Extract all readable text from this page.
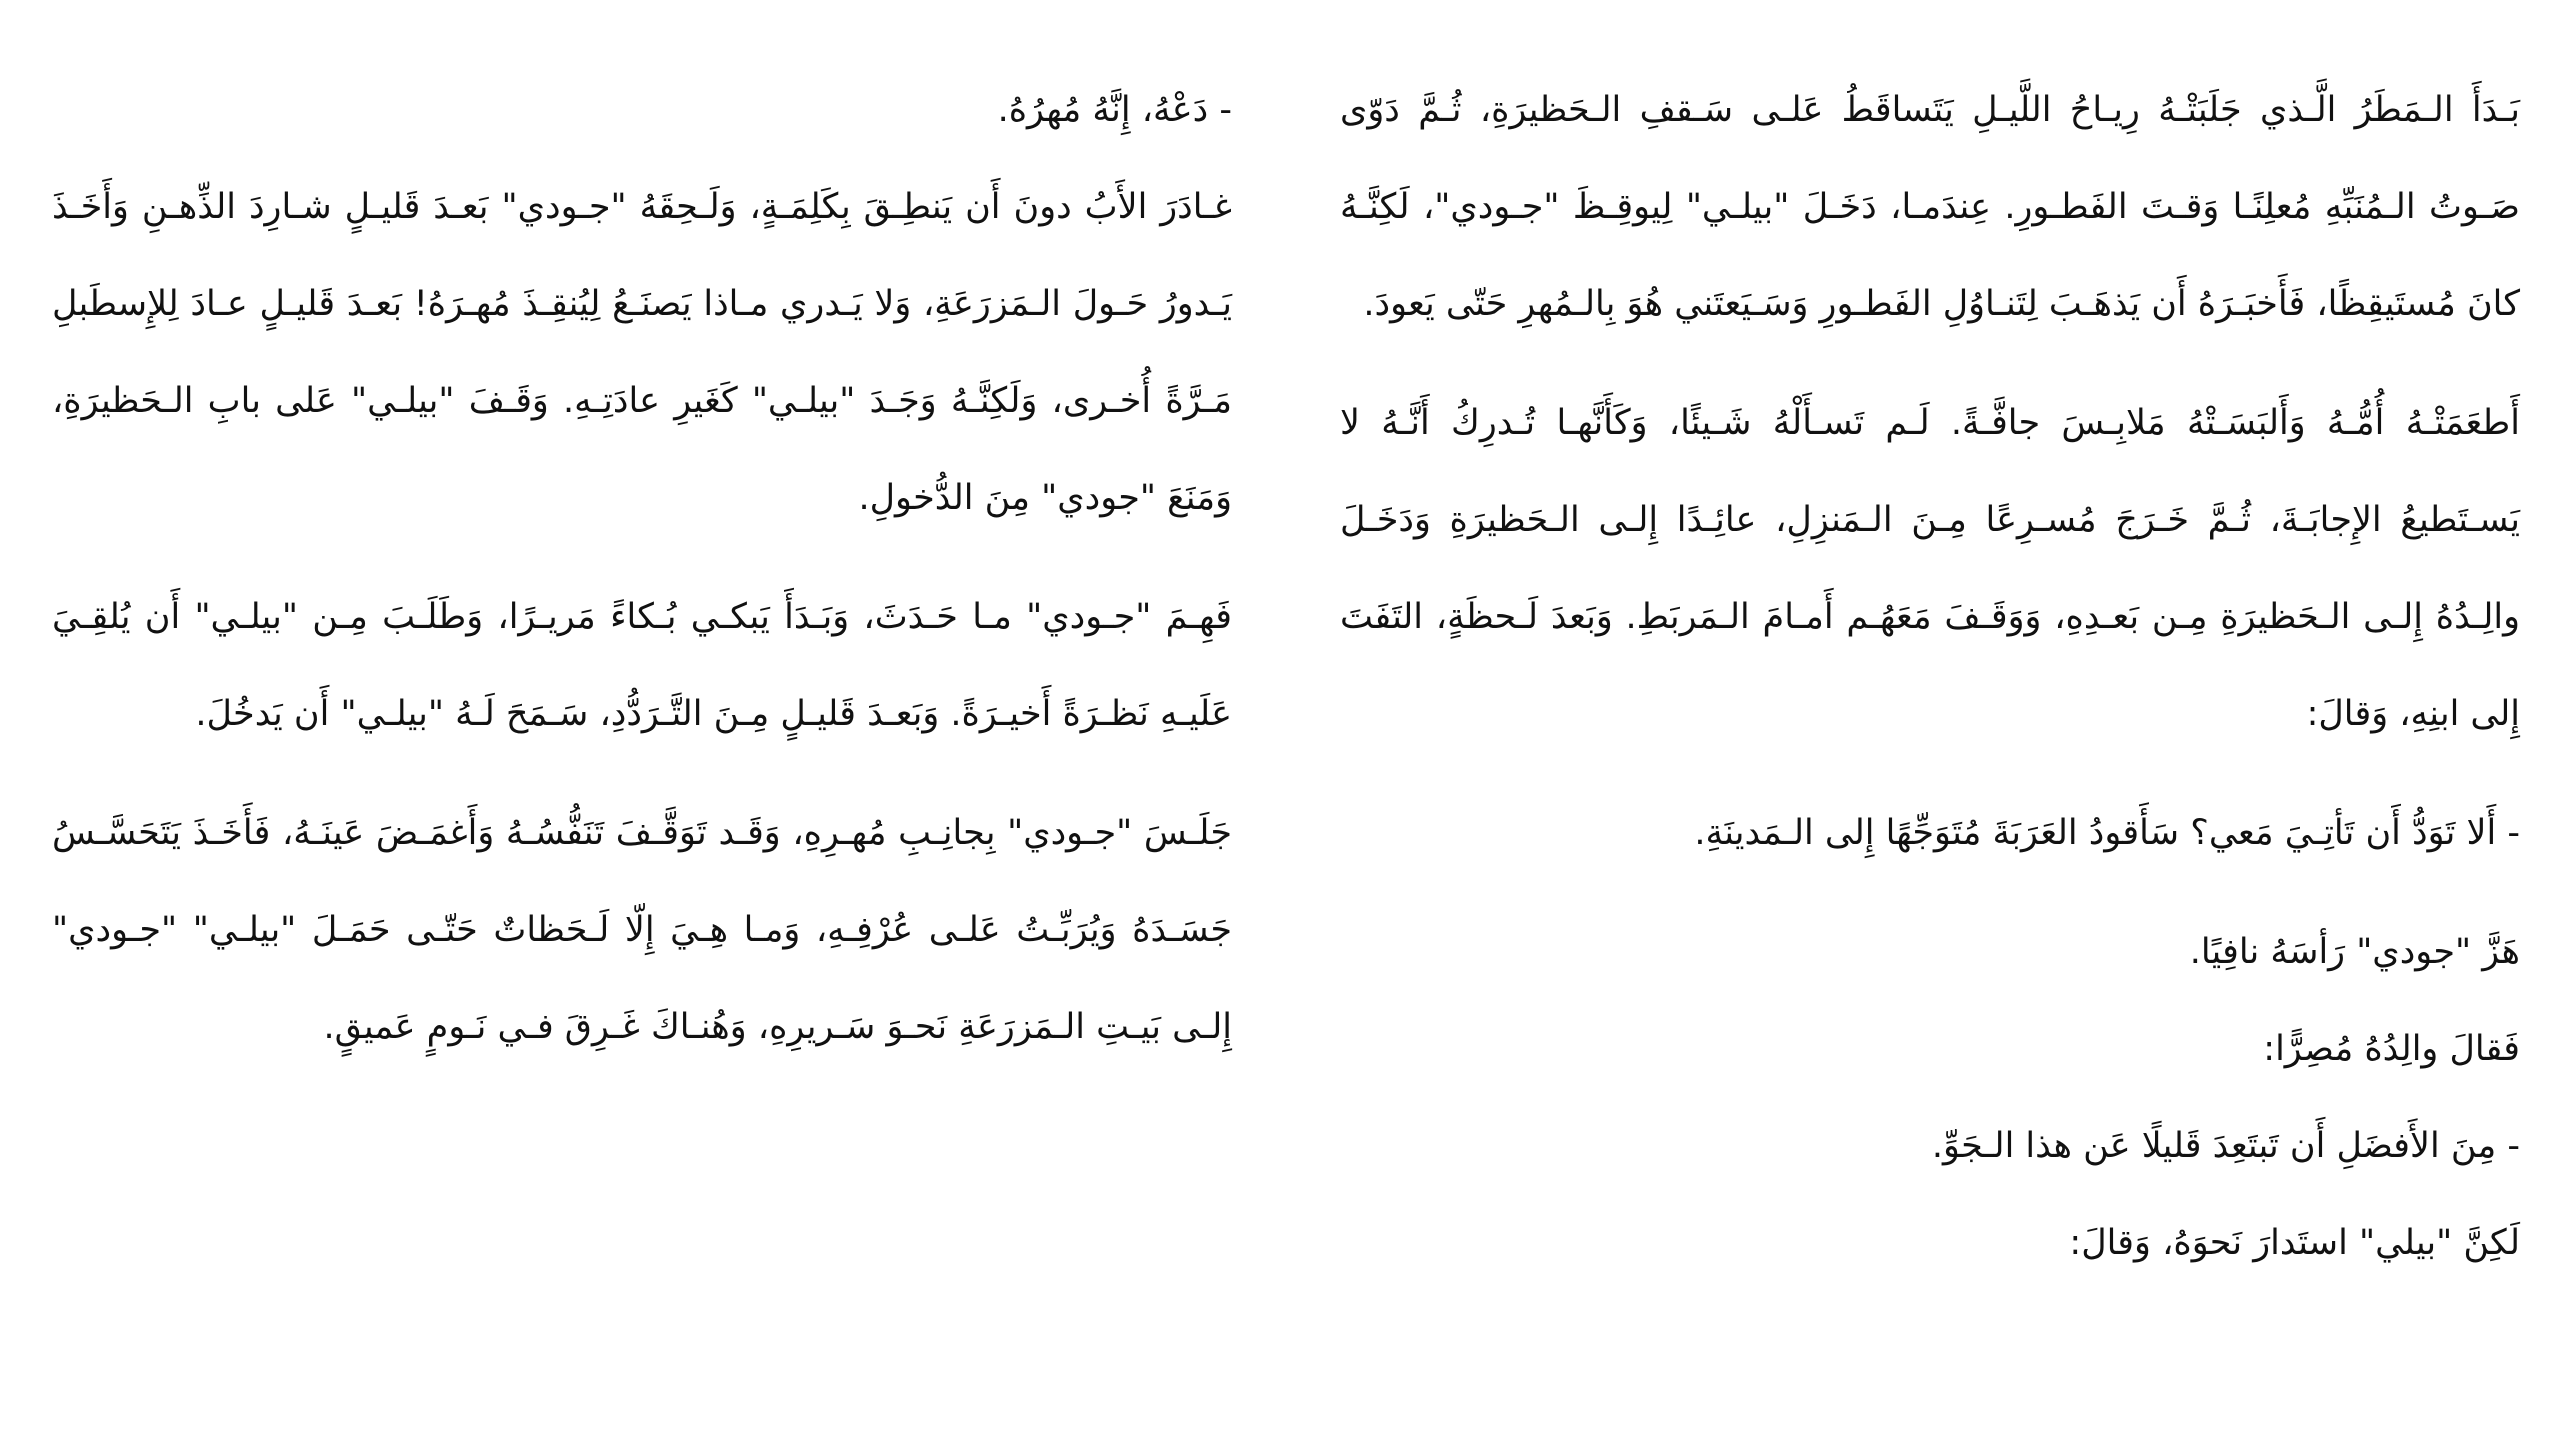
بَـدَأَ الـمَطَرُ الَّـذي جَلَبَتْـهُ رِيـاحُ اللَّيـلِ يَتَساقَطُ عَلـى سَـقفِ الـحَظيرَةِ، ثُـمَّ دَوّى صَـوتُ الـمُنَبِّهِ مُعلِنًـا وَقـتَ الفَطـورِ. عِندَمـا، دَخَـلَ "بيلـي" لِيوقِـظَ "جـودي"، لَكِنَّـهُ كانَ مُستَيقِظًا، فَأَخبَـرَهُ أَن يَذهَـبَ لِتَنـاوُلِ الفَطـورِ وَسَـيَعتَني هُوَ بِالـمُهرِ حَتّى يَعودَ.

أَطعَمَتْـهُ أُمُّـهُ وَأَلبَسَـتْهُ مَلابِـسَ جافَّـةً. لَـم تَسـأَلْهُ شَـيئًا، وَكَأَنَّهـا تُـدرِكُ أَنَّـهُ لا يَسـتَطيعُ الإِجابَـةَ، ثُـمَّ خَـرَجَ مُسـرِعًا مِـنَ الـمَنزِلِ، عائِـدًا إِلـى الـحَظيرَةِ وَدَخَـلَ والِـدُهُ إِلـى الـحَظيرَةِ مِـن بَعـدِهِ، وَوَقَـفَ مَعَهُـم أَمـامَ الـمَربَطِ. وَبَعدَ لَـحظَةٍ، التَفَتَ إِلى ابنِهِ، وَقالَ:

- أَلا تَوَدُّ أَن تَأتِـيَ مَعي؟ سَأَقودُ العَرَبَةَ مُتَوَجِّهًا إِلى الـمَدينَةِ.

هَزَّ "جودي" رَأسَهُ نافِيًا.

فَقالَ والِدُهُ مُصِرًّا:

- مِنَ الأَفضَلِ أَن تَبتَعِدَ قَليلًا عَن هذا الـجَوِّ.

لَكِنَّ "بيلي" استَدارَ نَحوَهُ، وَقالَ:

- دَعْهُ، إِنَّهُ مُهرُهُ.

غـادَرَ الأَبُ دونَ أَن يَنطِـقَ بِكَلِمَـةٍ، وَلَـحِقَهُ "جـودي" بَعـدَ قَليـلٍ شـارِدَ الذِّهـنِ وَأَخَـذَ يَـدورُ حَـولَ الـمَزرَعَةِ، وَلا يَـدري مـاذا يَصنَـعُ لِيُنقِـذَ مُهـرَهُ! بَعـدَ قَليـلٍ عـادَ لِلإِسطَبلِ مَـرَّةً أُخـرى، وَلَكِنَّـهُ وَجَـدَ "بيلـي" كَغَيرِ عادَتِـهِ. وَقَـفَ "بيلـي" عَلى بابِ الـحَظيرَةِ، وَمَنَعَ "جودي" مِنَ الدُّخولِ.

فَهِـمَ "جـودي" مـا حَـدَثَ، وَبَـدَأَ يَبكـي بُـكاءً مَريـرًا، وَطَلَـبَ مِـن "بيلـي" أَن يُلقِـيَ عَلَيـهِ نَظـرَةً أَخيـرَةً. وَبَعـدَ قَليـلٍ مِـنَ التَّـرَدُّدِ، سَـمَحَ لَـهُ "بيلـي" أَن يَدخُلَ.

جَلَـسَ "جـودي" بِجانِـبِ مُهـرِهِ، وَقَـد تَوَقَّـفَ تَنَفُّسُـهُ وَأَغمَـضَ عَينَـهُ، فَأَخَـذَ يَتَحَسَّـسُ جَسَـدَهُ وَيُرَبِّـتُ عَلـى عُرْفِـهِ، وَمـا هِـيَ إِلّا لَـحَظاتٌ حَتّـى حَمَـلَ "بيلـي" "جـودي" إِلـى بَيـتِ الـمَزرَعَةِ نَحـوَ سَـريرِهِ، وَهُنـاكَ غَـرِقَ فـي نَـومٍ عَميقٍ.
